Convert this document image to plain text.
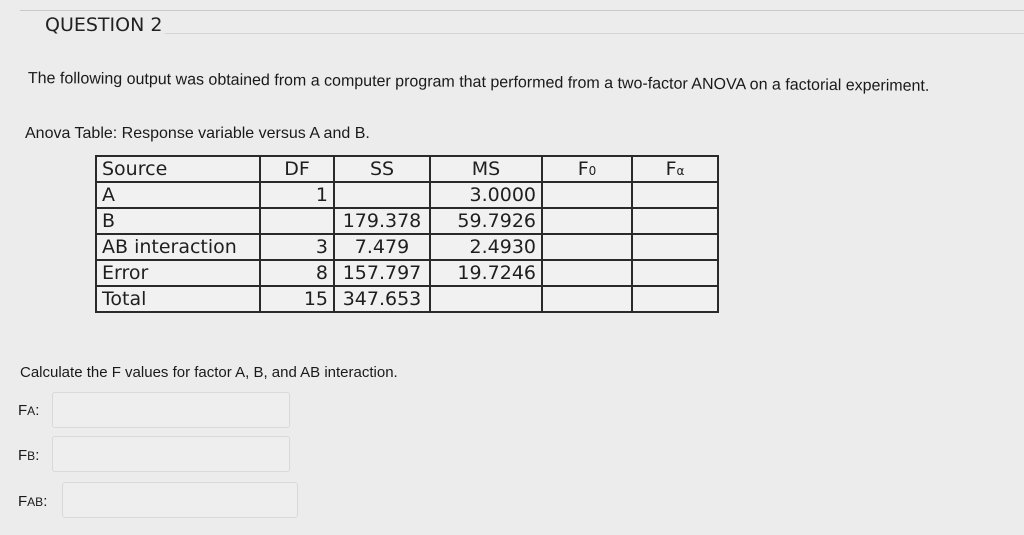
QUESTION 2
The following output was obtained from a computer program that performed from a two-factor ANOVA on a factorial experiment.
Anova Table: Response variable versus A and B.
Source	DF	SS	MS	F0	Fα
A	1		3.0000		
B		179.378	59.7926		
AB interaction	3	7.479	2.4930		
Error	8	157.797	19.7246		
Total	15	347.653			
Calculate the F values for factor A, B, and AB interaction.
FA:
FB:
FAB:
